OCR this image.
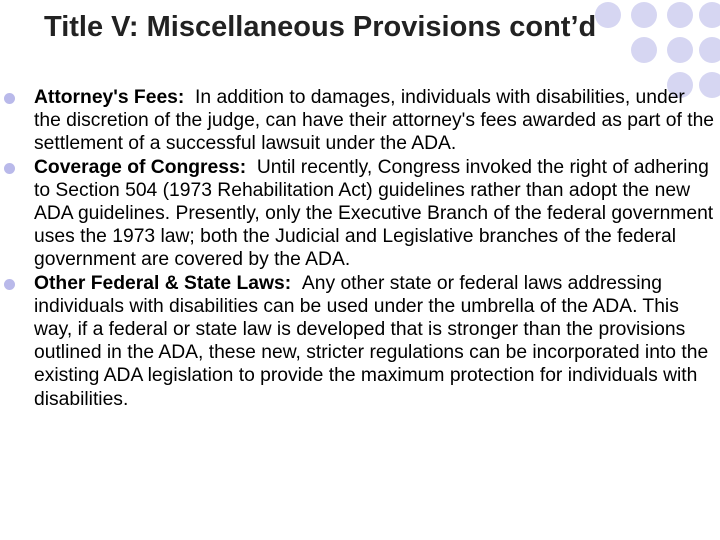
Title V: Miscellaneous Provisions cont’d
Attorney's Fees: In addition to damages, individuals with disabilities, under the discretion of the judge, can have their attorney's fees awarded as part of the settlement of a successful lawsuit under the ADA.
Coverage of Congress: Until recently, Congress invoked the right of adhering to Section 504 (1973 Rehabilitation Act) guidelines rather than adopt the new ADA guidelines. Presently, only the Executive Branch of the federal government uses the 1973 law; both the Judicial and Legislative branches of the federal government are covered by the ADA.
Other Federal & State Laws: Any other state or federal laws addressing individuals with disabilities can be used under the umbrella of the ADA. This way, if a federal or state law is developed that is stronger than the provisions outlined in the ADA, these new, stricter regulations can be incorporated into the existing ADA legislation to provide the maximum protection for individuals with disabilities.
